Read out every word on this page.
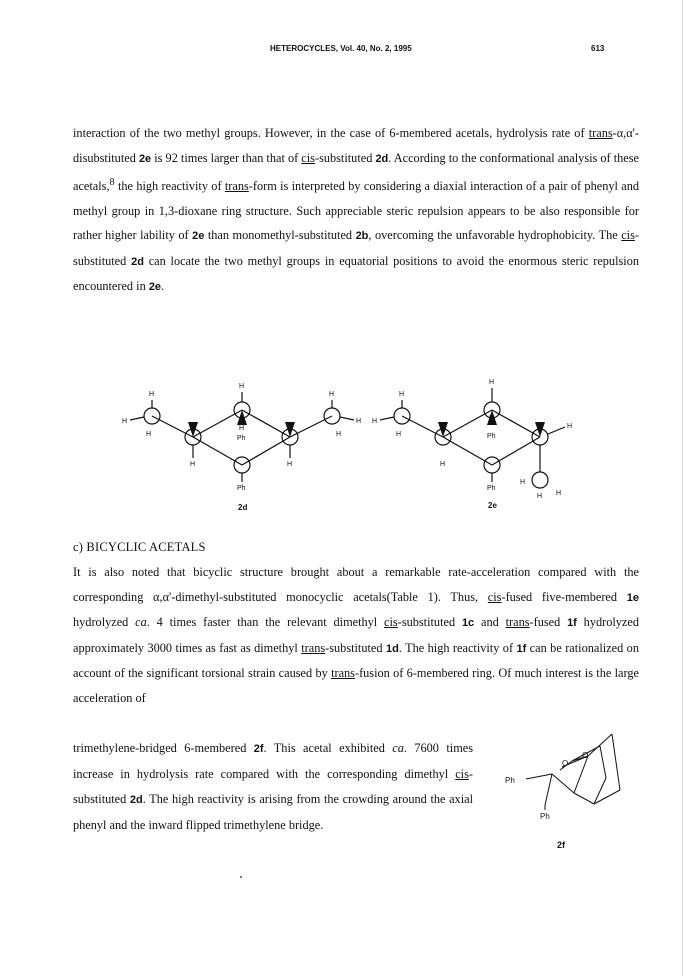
HETEROCYCLES, Vol. 40, No. 2, 1995	613

interaction of the two methyl groups. However, in the case of 6-membered acetals, hydrolysis rate of trans-α,α'-disubstituted 2e is 92 times larger than that of cis-substituted 2d. According to the conformational analysis of these acetals,$^8$ the high reactivity of trans-form is interpreted by considering a diaxial interaction of a pair of phenyl and methyl group in 1,3-dioxane ring structure. Such appreciable steric repulsion appears to be also responsible for rather higher lability of 2e than monomethyl-substituted 2b, overcoming the unfavorable hydrophobicity. The cis-substituted 2d can locate the two methyl groups in equatorial positions to avoid the enormous steric repulsion encountered in 2e.

H
H
H
H	H
H
H
H
H	H
Ph
Ph
2d
H
H
H
H
H
H
H
H
H H
Ph
Ph
2e
c) BICYCLIC ACETALS

It is also noted that bicyclic structure brought about a remarkable rate-acceleration compared with the corresponding α,α'-dimethyl-substituted monocyclic acetals(Table 1). Thus, cis-fused five-membered 1e hydrolyzed ca. 4 times faster than the relevant dimethyl cis-substituted 1c and trans-fused 1f hydrolyzed approximately 3000 times as fast as dimethyl trans-substituted 1d. The high reactivity of 1f can be rationalized on account of the significant torsional strain caused by trans-fusion of 6-membered ring. Of much interest is the large acceleration of

trimethylene-bridged 6-membered 2f. This acetal exhibited ca. 7600 times increase in hydrolysis rate compared with the corresponding dimethyl cis-substituted 2d. The high reactivity is arising from the crowding around the axial phenyl and the inward flipped trimethylene bridge.

O
O
Ph
Ph
2f
